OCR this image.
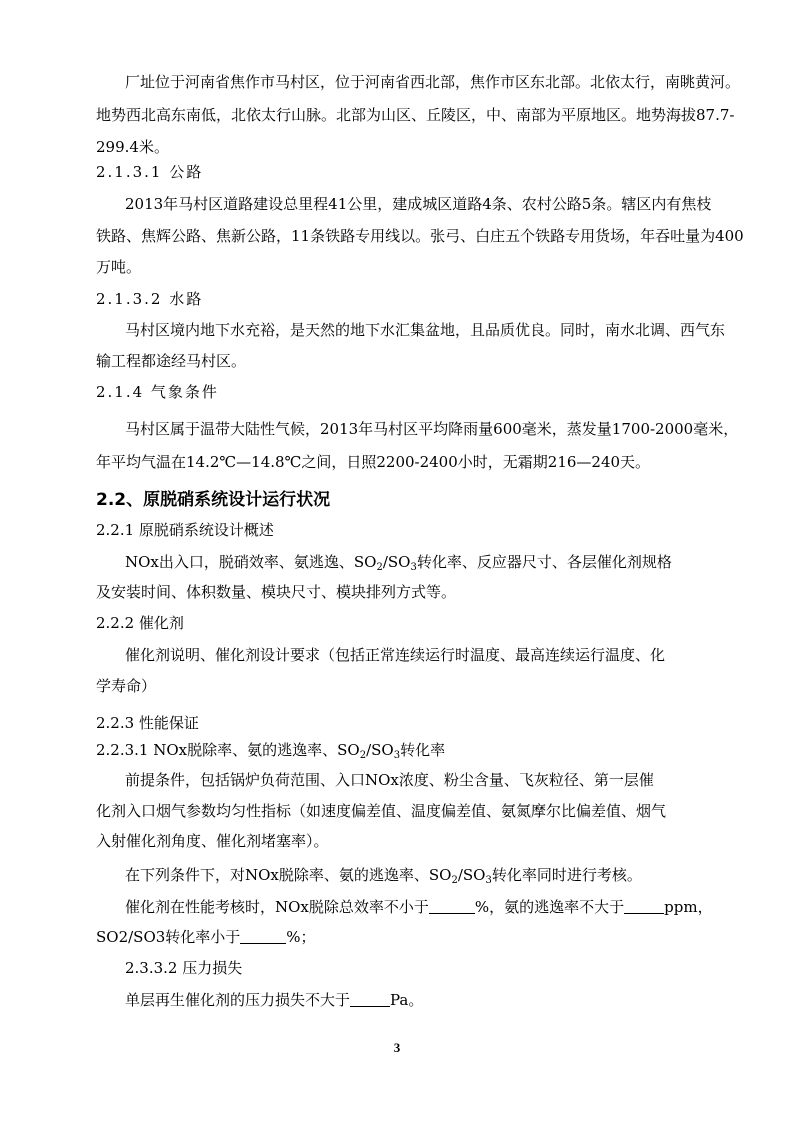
厂址位于河南省焦作市马村区，位于河南省西北部，焦作市区东北部。北依太行，南眺黄河。
地势西北高东南低，北依太行山脉。北部为山区、丘陵区，中、南部为平原地区。地势海拔87.7-
299.4米。
2.1.3.1 公路
2013年马村区道路建设总里程41公里，建成城区道路4条、农村公路5条。辖区内有焦枝
铁路、焦辉公路、焦新公路，11条铁路专用线以。张弓、白庄五个铁路专用货场，年吞吐量为400
万吨。
2.1.3.2 水路
马村区境内地下水充裕，是天然的地下水汇集盆地，且品质优良。同时，南水北调、西气东
输工程都途经马村区。
2.1.4 气象条件
马村区属于温带大陆性气候，2013年马村区平均降雨量600毫米，蒸发量1700-2000毫米，
年平均气温在14.2℃—14.8℃之间，日照2200-2400小时，无霜期216—240天。
2.2、原脱硝系统设计运行状况
2.2.1 原脱硝系统设计概述
NOx出入口，脱硝效率、氨逃逸、$SO_2/SO_3$转化率、反应器尺寸、各层催化剂规格
及安装时间、体积数量、模块尺寸、模块排列方式等。
2.2.2 催化剂
催化剂说明、催化剂设计要求（包括正常连续运行时温度、最高连续运行温度、化
学寿命）
2.2.3 性能保证
2.2.3.1 NOx脱除率、氨的逃逸率、$SO_2/SO_3$转化率
前提条件，包括锅炉负荷范围、入口NOx浓度、粉尘含量、飞灰粒径、第一层催
化剂入口烟气参数均匀性指标（如速度偏差值、温度偏差值、氨氮摩尔比偏差值、烟气
入射催化剂角度、催化剂堵塞率）。
在下列条件下，对NOx脱除率、氨的逃逸率、$SO_2/SO_3$转化率同时进行考核。
催化剂在性能考核时，NOx脱除总效率不小于	%，氨的逃逸率不大于	ppm，
SO2/SO3转化率小于	%；
2.3.3.2 压力损失
单层再生催化剂的压力损失不大于	Pa。
3
